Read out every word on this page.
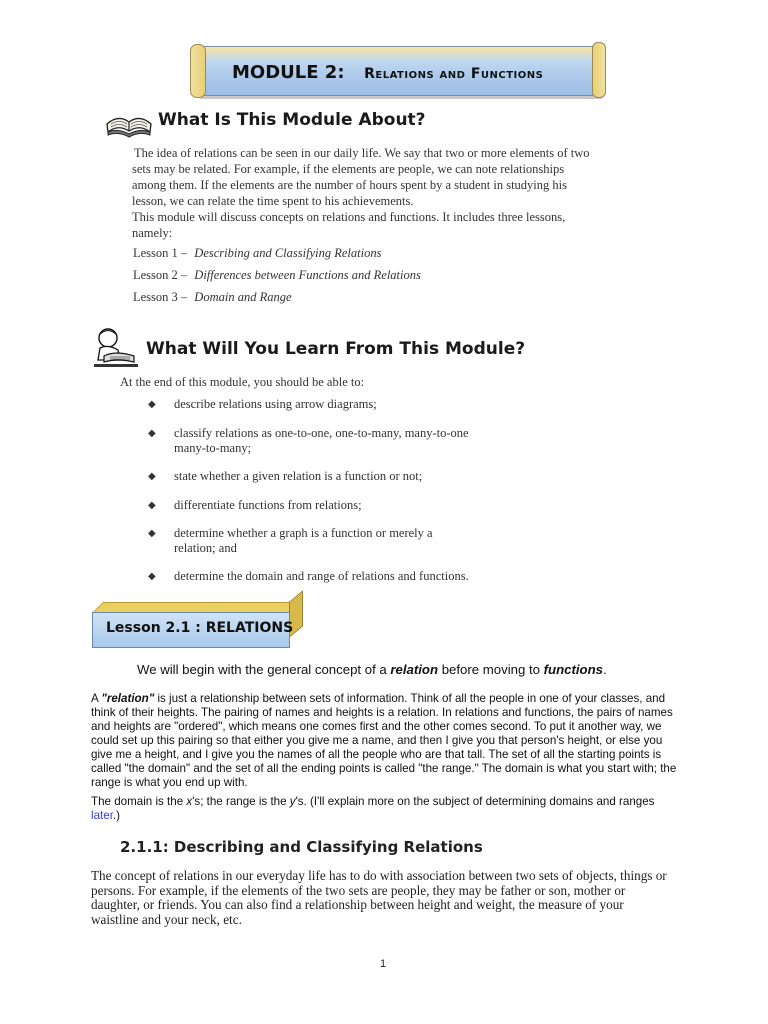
MODULE 2: Relations and Functions
What Is This Module About?
The idea of relations can be seen in our daily life. We say that two or more elements of two sets may be related. For example, if the elements are people, we can note relationships among them. If the elements are the number of hours spent by a student in studying his lesson, we can relate the time spent to his achievements.
This module will discuss concepts on relations and functions. It includes three lessons, namely:
Lesson 1 – Describing and Classifying Relations
Lesson 2 – Differences between Functions and Relations
Lesson 3 – Domain and Range
What Will You Learn From This Module?
At the end of this module, you should be able to:
◆ describe relations using arrow diagrams;
◆ classify relations as one-to-one, one-to-many, many-to-one many-to-many;
◆ state whether a given relation is a function or not;
◆ differentiate functions from relations;
◆ determine whether a graph is a function or merely a relation; and
◆ determine the domain and range of relations and functions.
Lesson 2.1 : RELATIONS
We will begin with the general concept of a relation before moving to functions.
A "relation" is just a relationship between sets of information. Think of all the people in one of your classes, and think of their heights. The pairing of names and heights is a relation. In relations and functions, the pairs of names and heights are "ordered", which means one comes first and the other comes second. To put it another way, we could set up this pairing so that either you give me a name, and then I give you that person's height, or else you give me a height, and I give you the names of all the people who are that tall. The set of all the starting points is called "the domain" and the set of all the ending points is called "the range." The domain is what you start with; the range is what you end up with.
The domain is the x's; the range is the y's. (I'll explain more on the subject of determining domains and ranges later.)
2.1.1: Describing and Classifying Relations
The concept of relations in our everyday life has to do with association between two sets of objects, things or persons. For example, if the elements of the two sets are people, they may be father or son, mother or daughter, or friends. You can also find a relationship between height and weight, the measure of your waistline and your neck, etc.
1
